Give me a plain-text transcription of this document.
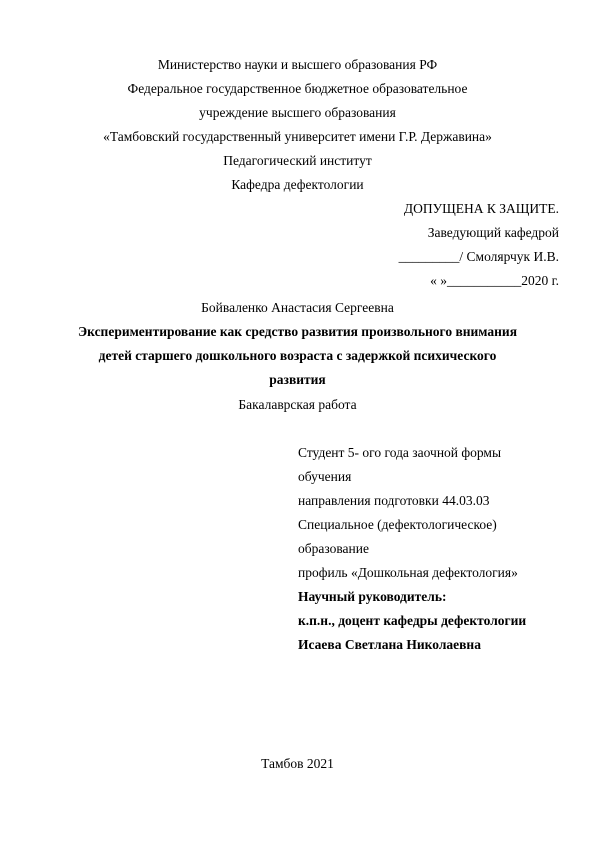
Министерство науки и высшего образования РФ
Федеральное государственное бюджетное образовательное
учреждение высшего образования
«Тамбовский государственный университет имени Г.Р. Державина»
Педагогический институт
Кафедра дефектологии
ДОПУЩЕНА К ЗАЩИТЕ.
Заведующий кафедрой
_________/ Смолярчук И.В.
« »___________2020 г.
Бойваленко Анастасия Сергеевна
Экспериментирование как средство развития произвольного внимания
детей старшего дошкольного возраста с задержкой психического
развития
Бакалаврская работа
Студент 5- ого года заочной формы
обучения
направления подготовки 44.03.03
Специальное (дефектологическое)
образование
профиль «Дошкольная дефектология»
Научный руководитель:
к.п.н., доцент кафедры дефектологии
Исаева Светлана Николаевна
Тамбов 2021
